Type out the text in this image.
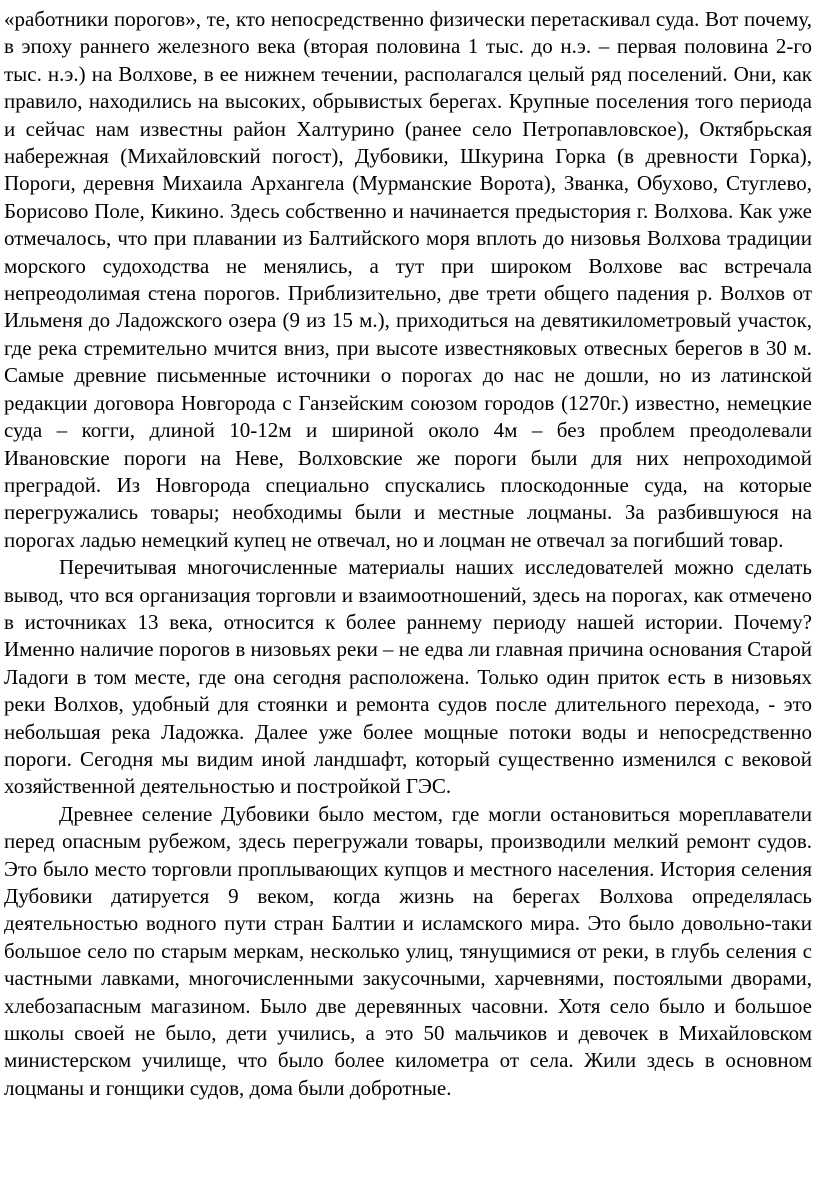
«работники порогов», те, кто непосредственно физически перетаскивал суда. Вот почему, в эпоху раннего железного века (вторая половина 1 тыс. до н.э. – первая половина 2-го тыс. н.э.) на Волхове, в ее нижнем течении, располагался целый ряд поселений. Они, как правило, находились на высоких, обрывистых берегах. Крупные поселения того периода и сейчас нам известны район Халтурино (ранее село Петропавловское), Октябрьская набережная (Михайловский погост), Дубовики, Шкурина Горка (в древности Горка), Пороги, деревня Михаила Архангела (Мурманские Ворота), Званка, Обухово, Стуглево, Борисово Поле, Кикино. Здесь собственно и начинается предыстория г. Волхова. Как уже отмечалось, что при плавании из Балтийского моря вплоть до низовья Волхова традиции морского судоходства не менялись, а тут при широком Волхове вас встречала непреодолимая стена порогов. Приблизительно, две трети общего падения р. Волхов от Ильменя до Ладожского озера (9 из 15 м.), приходиться на девятикилометровый участок, где река стремительно мчится вниз, при высоте известняковых отвесных берегов в 30 м. Самые древние письменные источники о порогах до нас не дошли, но из латинской редакции договора Новгорода с Ганзейским союзом городов (1270г.) известно, немецкие суда – когги, длиной 10-12м и шириной около 4м – без проблем преодолевали Ивановские пороги на Неве, Волховские же пороги были для них непроходимой преградой. Из Новгорода специально спускались плоскодонные суда, на которые перегружались товары; необходимы были и местные лоцманы. За разбившуюся на порогах ладью немецкий купец не отвечал, но и лоцман не отвечал за погибший товар.

Перечитывая многочисленные материалы наших исследователей можно сделать вывод, что вся организация торговли и взаимоотношений, здесь на порогах, как отмечено в источниках 13 века, относится к более раннему периоду нашей истории. Почему? Именно наличие порогов в низовьях реки – не едва ли главная причина основания Старой Ладоги в том месте, где она сегодня расположена. Только один приток есть в низовьях реки Волхов, удобный для стоянки и ремонта судов после длительного перехода, - это небольшая река Ладожка. Далее уже более мощные потоки воды и непосредственно пороги. Сегодня мы видим иной ландшафт, который существенно изменился с вековой хозяйственной деятельностью и постройкой ГЭС.

Древнее селение Дубовики было местом, где могли остановиться мореплаватели перед опасным рубежом, здесь перегружали товары, производили мелкий ремонт судов. Это было место торговли проплывающих купцов и местного населения. История селения Дубовики датируется 9 веком, когда жизнь на берегах Волхова определялась деятельностью водного пути стран Балтии и исламского мира. Это было довольно-таки большое село по старым меркам, несколько улиц, тянущимися от реки, в глубь селения с частными лавками, многочисленными закусочными, харчевнями, постоялыми дворами, хлебозапасным магазином. Было две деревянных часовни. Хотя село было и большое школы своей не было, дети учились, а это 50 мальчиков и девочек в Михайловском министерском училище, что было более километра от села. Жили здесь в основном лоцманы и гонщики судов, дома были добротные.
